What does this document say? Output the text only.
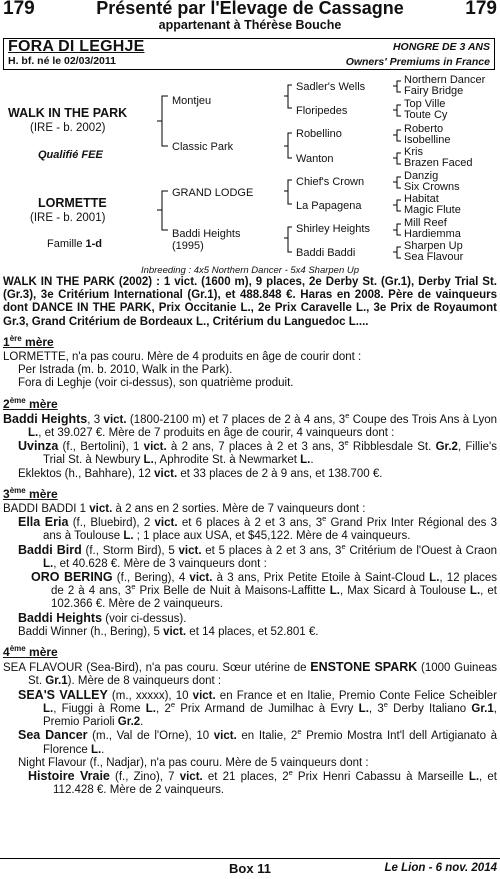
179	Présenté par l'Elevage de Cassagne	179
appartenant à Thérèse Bouche
FORA DI LEGHJE	HONGRE DE 3 ANS
H. bf. né le 02/03/2011	Owners' Premiums in France
WALK IN THE PARK
(IRE - b. 2002)
Qualifié FEE
LORMETTE
(IRE - b. 2001)
Famille 1-d
Montjeu
Classic Park
GRAND LODGE
Baddi Heights
(1995)
Sadler's Wells
Floripedes
Robellino
Wanton
Chief's Crown
La Papagena
Shirley Heights
Baddi Baddi
Northern Dancer
Fairy Bridge
Top Ville
Toute Cy
Roberto
Isobelline
Kris
Brazen Faced
Danzig
Six Crowns
Habitat
Magic Flute
Mill Reef
Hardiemma
Sharpen Up
Sea Flavour
Inbreeding : 4x5 Northern Dancer - 5x4 Sharpen Up

WALK IN THE PARK (2002) : 1 vict. (1600 m), 9 places, 2e Derby St. (Gr.1), Derby Trial St. (Gr.3), 3e Critérium International (Gr.1), et 488.848 €. Haras en 2008. Père de vainqueurs dont DANCE IN THE PARK, Prix Occitanie L., 2e Prix Caravelle L., 3e Prix de Royaumont Gr.3, Grand Critérium de Bordeaux L., Critérium du Languedoc L....

1ère mère

LORMETTE, n'a pas couru. Mère de 4 produits en âge de courir dont :

Per Istrada (m. b. 2010, Walk in the Park).

Fora di Leghje (voir ci-dessus), son quatrième produit.

2ème mère

Baddi Heights, 3 vict. (1800-2100 m) et 7 places de 2 à 4 ans, 3e Coupe des Trois Ans à Lyon L., et 39.027 €. Mère de 7 produits en âge de courir, 4 vainqueurs dont :

Uvinza (f., Bertolini), 1 vict. à 2 ans, 7 places à 2 et 3 ans, 3e Ribblesdale St. Gr.2, Fillie's Trial St. à Newbury L., Aphrodite St. à Newmarket L..

Eklektos (h., Bahhare), 12 vict. et 33 places de 2 à 9 ans, et 138.700 €.

3ème mère

BADDI BADDI 1 vict. à 2 ans en 2 sorties. Mère de 7 vainqueurs dont :

Ella Eria (f., Bluebird), 2 vict. et 6 places à 2 et 3 ans, 3e Grand Prix Inter Régional des 3 ans à Toulouse L. ; 1 place aux USA, et $45,122. Mère de 4 vainqueurs.

Baddi Bird (f., Storm Bird), 5 vict. et 5 places à 2 et 3 ans, 3e Critérium de l'Ouest à Craon L., et 40.628 €. Mère de 3 vainqueurs dont :

ORO BERING (f., Bering), 4 vict. à 3 ans, Prix Petite Etoile à Saint-Cloud L., 12 places de 2 à 4 ans, 3e Prix Belle de Nuit à Maisons-Laffitte L., Max Sicard à Toulouse L., et 102.366 €. Mère de 2 vainqueurs.

Baddi Heights (voir ci-dessus).

Baddi Winner (h., Bering), 5 vict. et 14 places, et 52.801 €.

4ème mère

SEA FLAVOUR (Sea-Bird), n'a pas couru. Sœur utérine de ENSTONE SPARK (1000 Guineas St. Gr.1). Mère de 8 vainqueurs dont :

SEA'S VALLEY (m., xxxxx), 10 vict. en France et en Italie, Premio Conte Felice Scheibler L., Fiuggi à Rome L., 2e Prix Armand de Jumilhac à Evry L., 3e Derby Italiano Gr.1, Premio Parioli Gr.2.

Sea Dancer (m., Val de l'Orne), 10 vict. en Italie, 2e Premio Mostra Int'l dell Artigianato à Florence L..

Night Flavour (f., Nadjar), n'a pas couru. Mère de 5 vainqueurs dont :

Histoire Vraie (f., Zino), 7 vict. et 21 places, 2e Prix Henri Cabassu à Marseille L., et 112.428 €. Mère de 2 vainqueurs.

Box 11	Le Lion - 6 nov. 2014
